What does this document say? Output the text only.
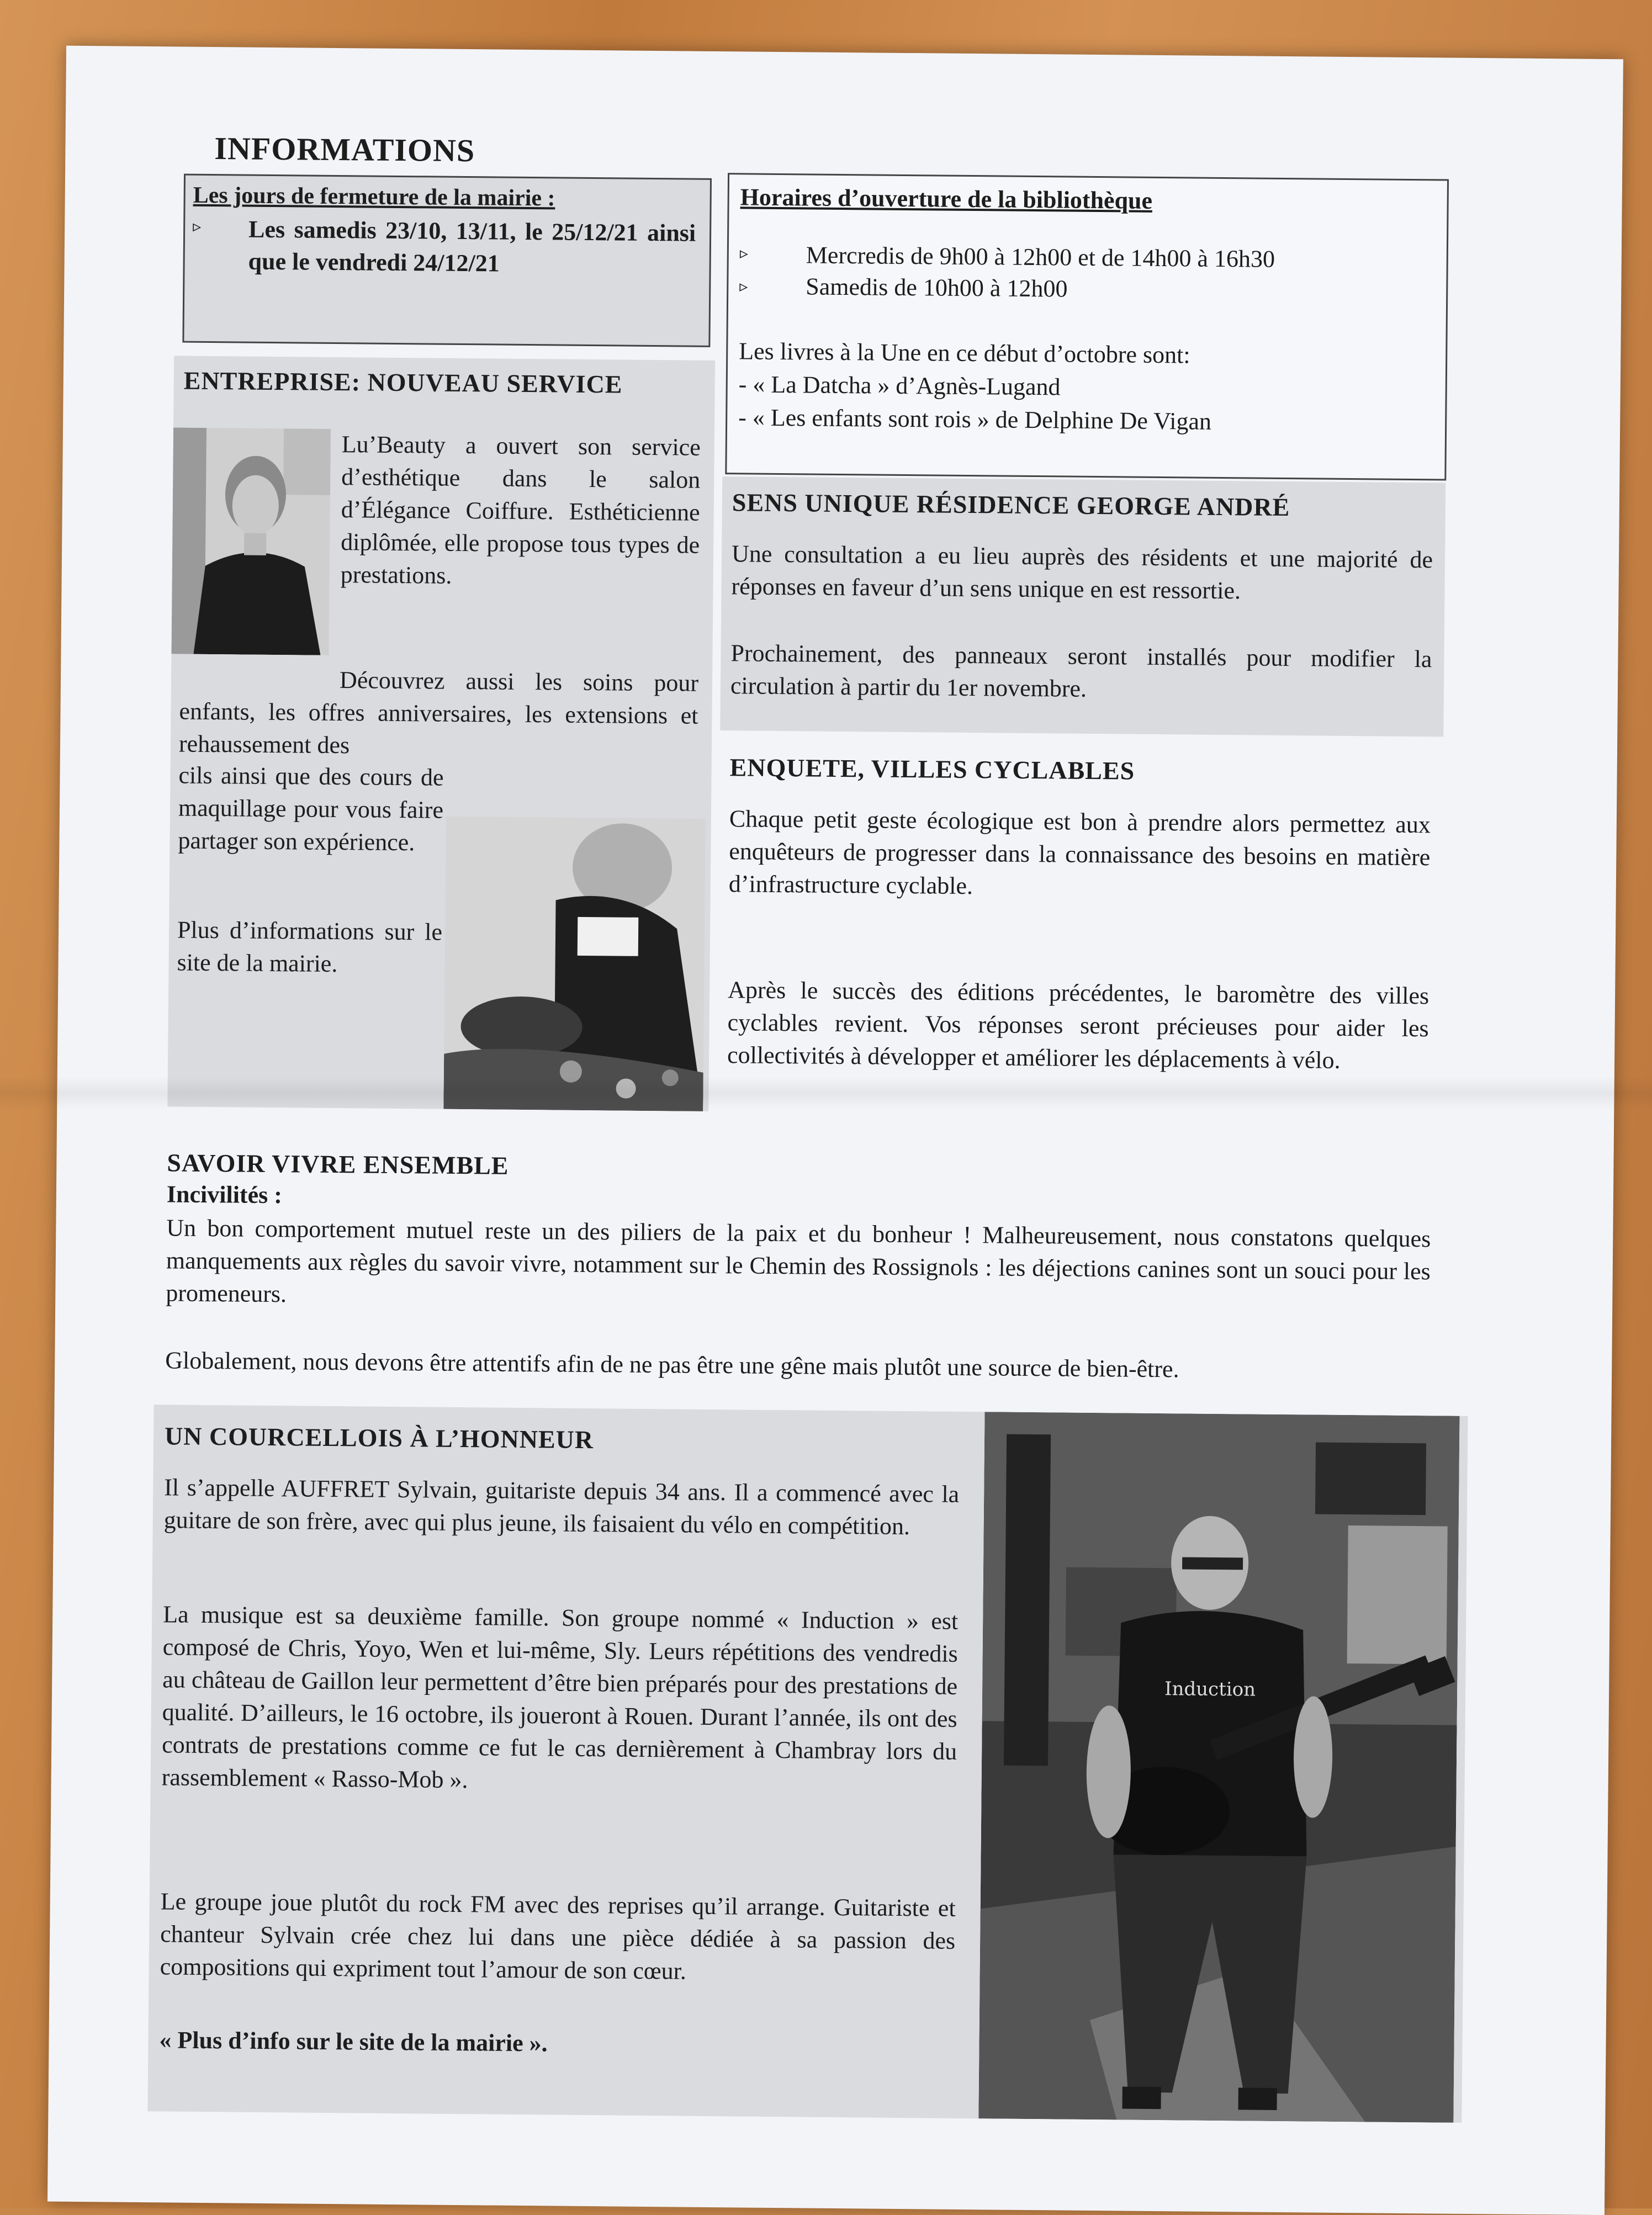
INFORMATIONS
Les jours de fermeture de la mairie :
▹ Les samedis 23/10, 13/11, le 25/12/21 ainsi que le vendredi 24/12/21
Horaires d’ouverture de la bibliothèque
▹ Mercredis de 9h00 à 12h00 et de 14h00 à 16h30
▹ Samedis de 10h00 à 12h00
Les livres à la Une en ce début d’octobre sont:
- « La Datcha » d’Agnès-Lugand
- « Les enfants sont rois » de Delphine De Vigan
ENTREPRISE: NOUVEAU SERVICE
Lu’Beauty a ouvert son service d’esthétique dans le salon d’Élégance Coiffure. Esthéticienne diplômée, elle propose tous types de prestations.
Découvrez aussi les soins pour enfants, les offres anniversaires, les extensions et rehaussement des
cils ainsi que des cours de maquillage pour vous faire partager son expérience.
Plus d’informations sur le site de la mairie.
SENS UNIQUE RÉSIDENCE GEORGE ANDRÉ
Une consultation a eu lieu auprès des résidents et une majorité de réponses en faveur d’un sens unique en est ressortie.
Prochainement, des panneaux seront installés pour modifier la circulation à partir du 1er novembre.
ENQUETE, VILLES CYCLABLES
Chaque petit geste écologique est bon à prendre alors permettez aux enquêteurs de progresser dans la connaissance des besoins en matière d’infrastructure cyclable.
Après le succès des éditions précédentes, le baromètre des villes cyclables revient. Vos réponses seront précieuses pour aider les collectivités à développer et améliorer les déplacements à vélo.
SAVOIR VIVRE ENSEMBLE
Incivilités :
Un bon comportement mutuel reste un des piliers de la paix et du bonheur ! Malheureusement, nous constatons quelques manquements aux règles du savoir vivre, notamment sur le Chemin des Rossignols : les déjections canines sont un souci pour les promeneurs.
Globalement, nous devons être attentifs afin de ne pas être une gêne mais plutôt une source de bien-être.
UN COURCELLOIS À L’HONNEUR
Il s’appelle AUFFRET Sylvain, guitariste depuis 34 ans. Il a commencé avec la guitare de son frère, avec qui plus jeune, ils faisaient du vélo en compétition.
La musique est sa deuxième famille. Son groupe nommé « Induction » est composé de Chris, Yoyo, Wen et lui-même, Sly. Leurs répétitions des vendredis au château de Gaillon leur permettent d’être bien préparés pour des prestations de qualité. D’ailleurs, le 16 octobre, ils joueront à Rouen. Durant l’année, ils ont des contrats de prestations comme ce fut le cas dernièrement à Chambray lors du rassemblement « Rasso-Mob ».
Le groupe joue plutôt du rock FM avec des reprises qu’il arrange. Guitariste et chanteur Sylvain crée chez lui dans une pièce dédiée à sa passion des compositions qui expriment tout l’amour de son cœur.
« Plus d’info sur le site de la mairie ».
Induction
